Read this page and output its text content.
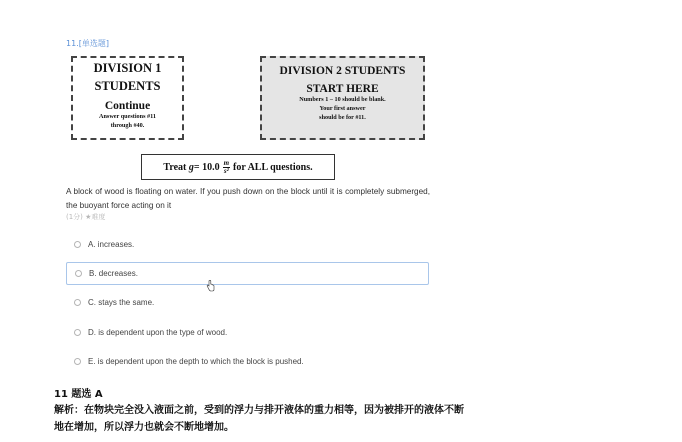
11.[单选题]
DIVISION 1
STUDENTS
Continue
Answer questions #11
through #40.
DIVISION 2 STUDENTS
START HERE
Numbers 1 – 10 should be blank.
Your first answer
should be for #11.
Treat
$g = 10.0 \frac{m}{\text{s²}}$ for ALL questions.
A block of wood is floating on water. If you push down on the block until it is completely submerged, the buoyant force acting on it
(1分) ★难度
A. increases.
B. decreases.
C. stays the same.
D. is dependent upon the type of wood.
E. is dependent upon the depth to which the block is pushed.
11 题选 A
解析：在物块完全没入液面之前，受到的浮力与排开液体的重力相等，因为被排开的液体不断
地在增加，所以浮力也就会不断地增加。
